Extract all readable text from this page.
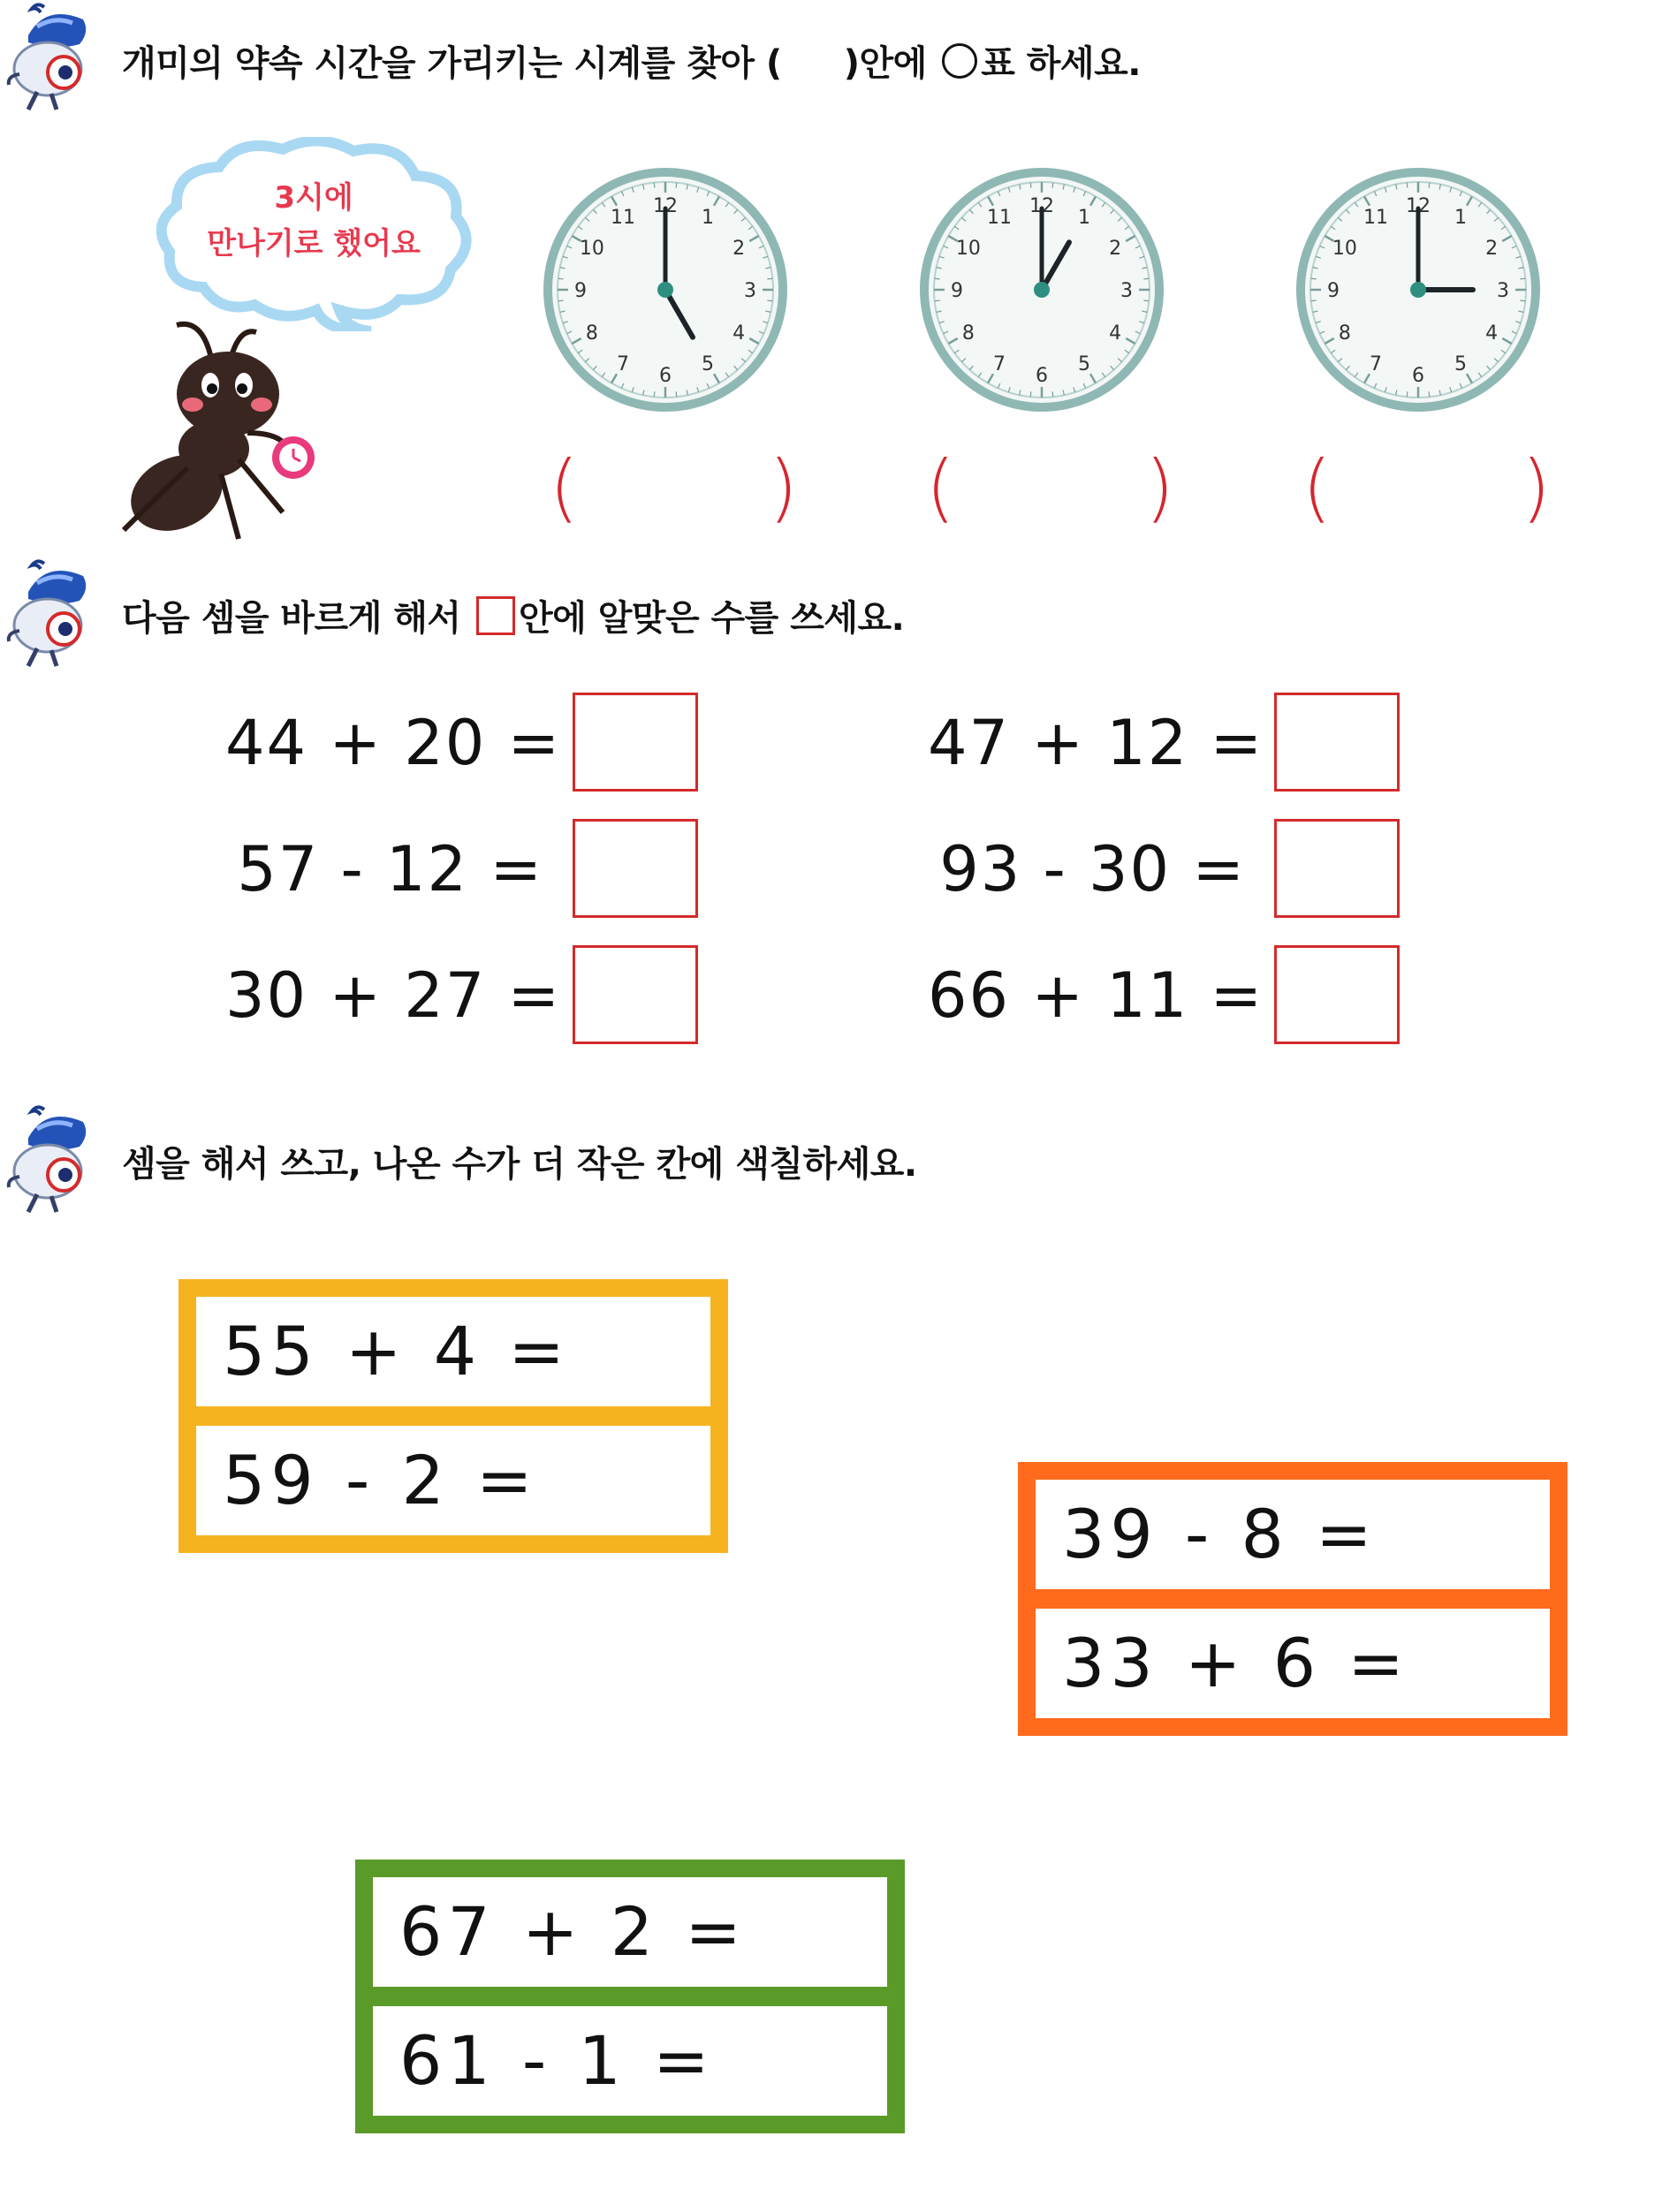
개미의 약속 시간을 가리키는 시계를 찾아 ( )안에 ○ 표 하세요.
3시에
만나기로 했어요
12
1
2
3
4
5
6
7
8
9
10
11
12
1
2
3
4
5
6
7
8
9
10
11
12
1
2
3
4
5
6
7
8
9
10
11
(	) (	) (	)
다음 셈을 바르게 해서 안에 알맞은 수를 쓰세요.
44 + 20 =	47 + 12 =
57 - 12 =	93 - 30 =
30 + 27 =	66 + 11 =
셈을 해서 쓰고, 나온 수가 더 작은 칸에 색칠하세요.
55 + 4 =
59 - 2 =
39 - 8 =
33 + 6 =
67 + 2 =
61 - 1 =
